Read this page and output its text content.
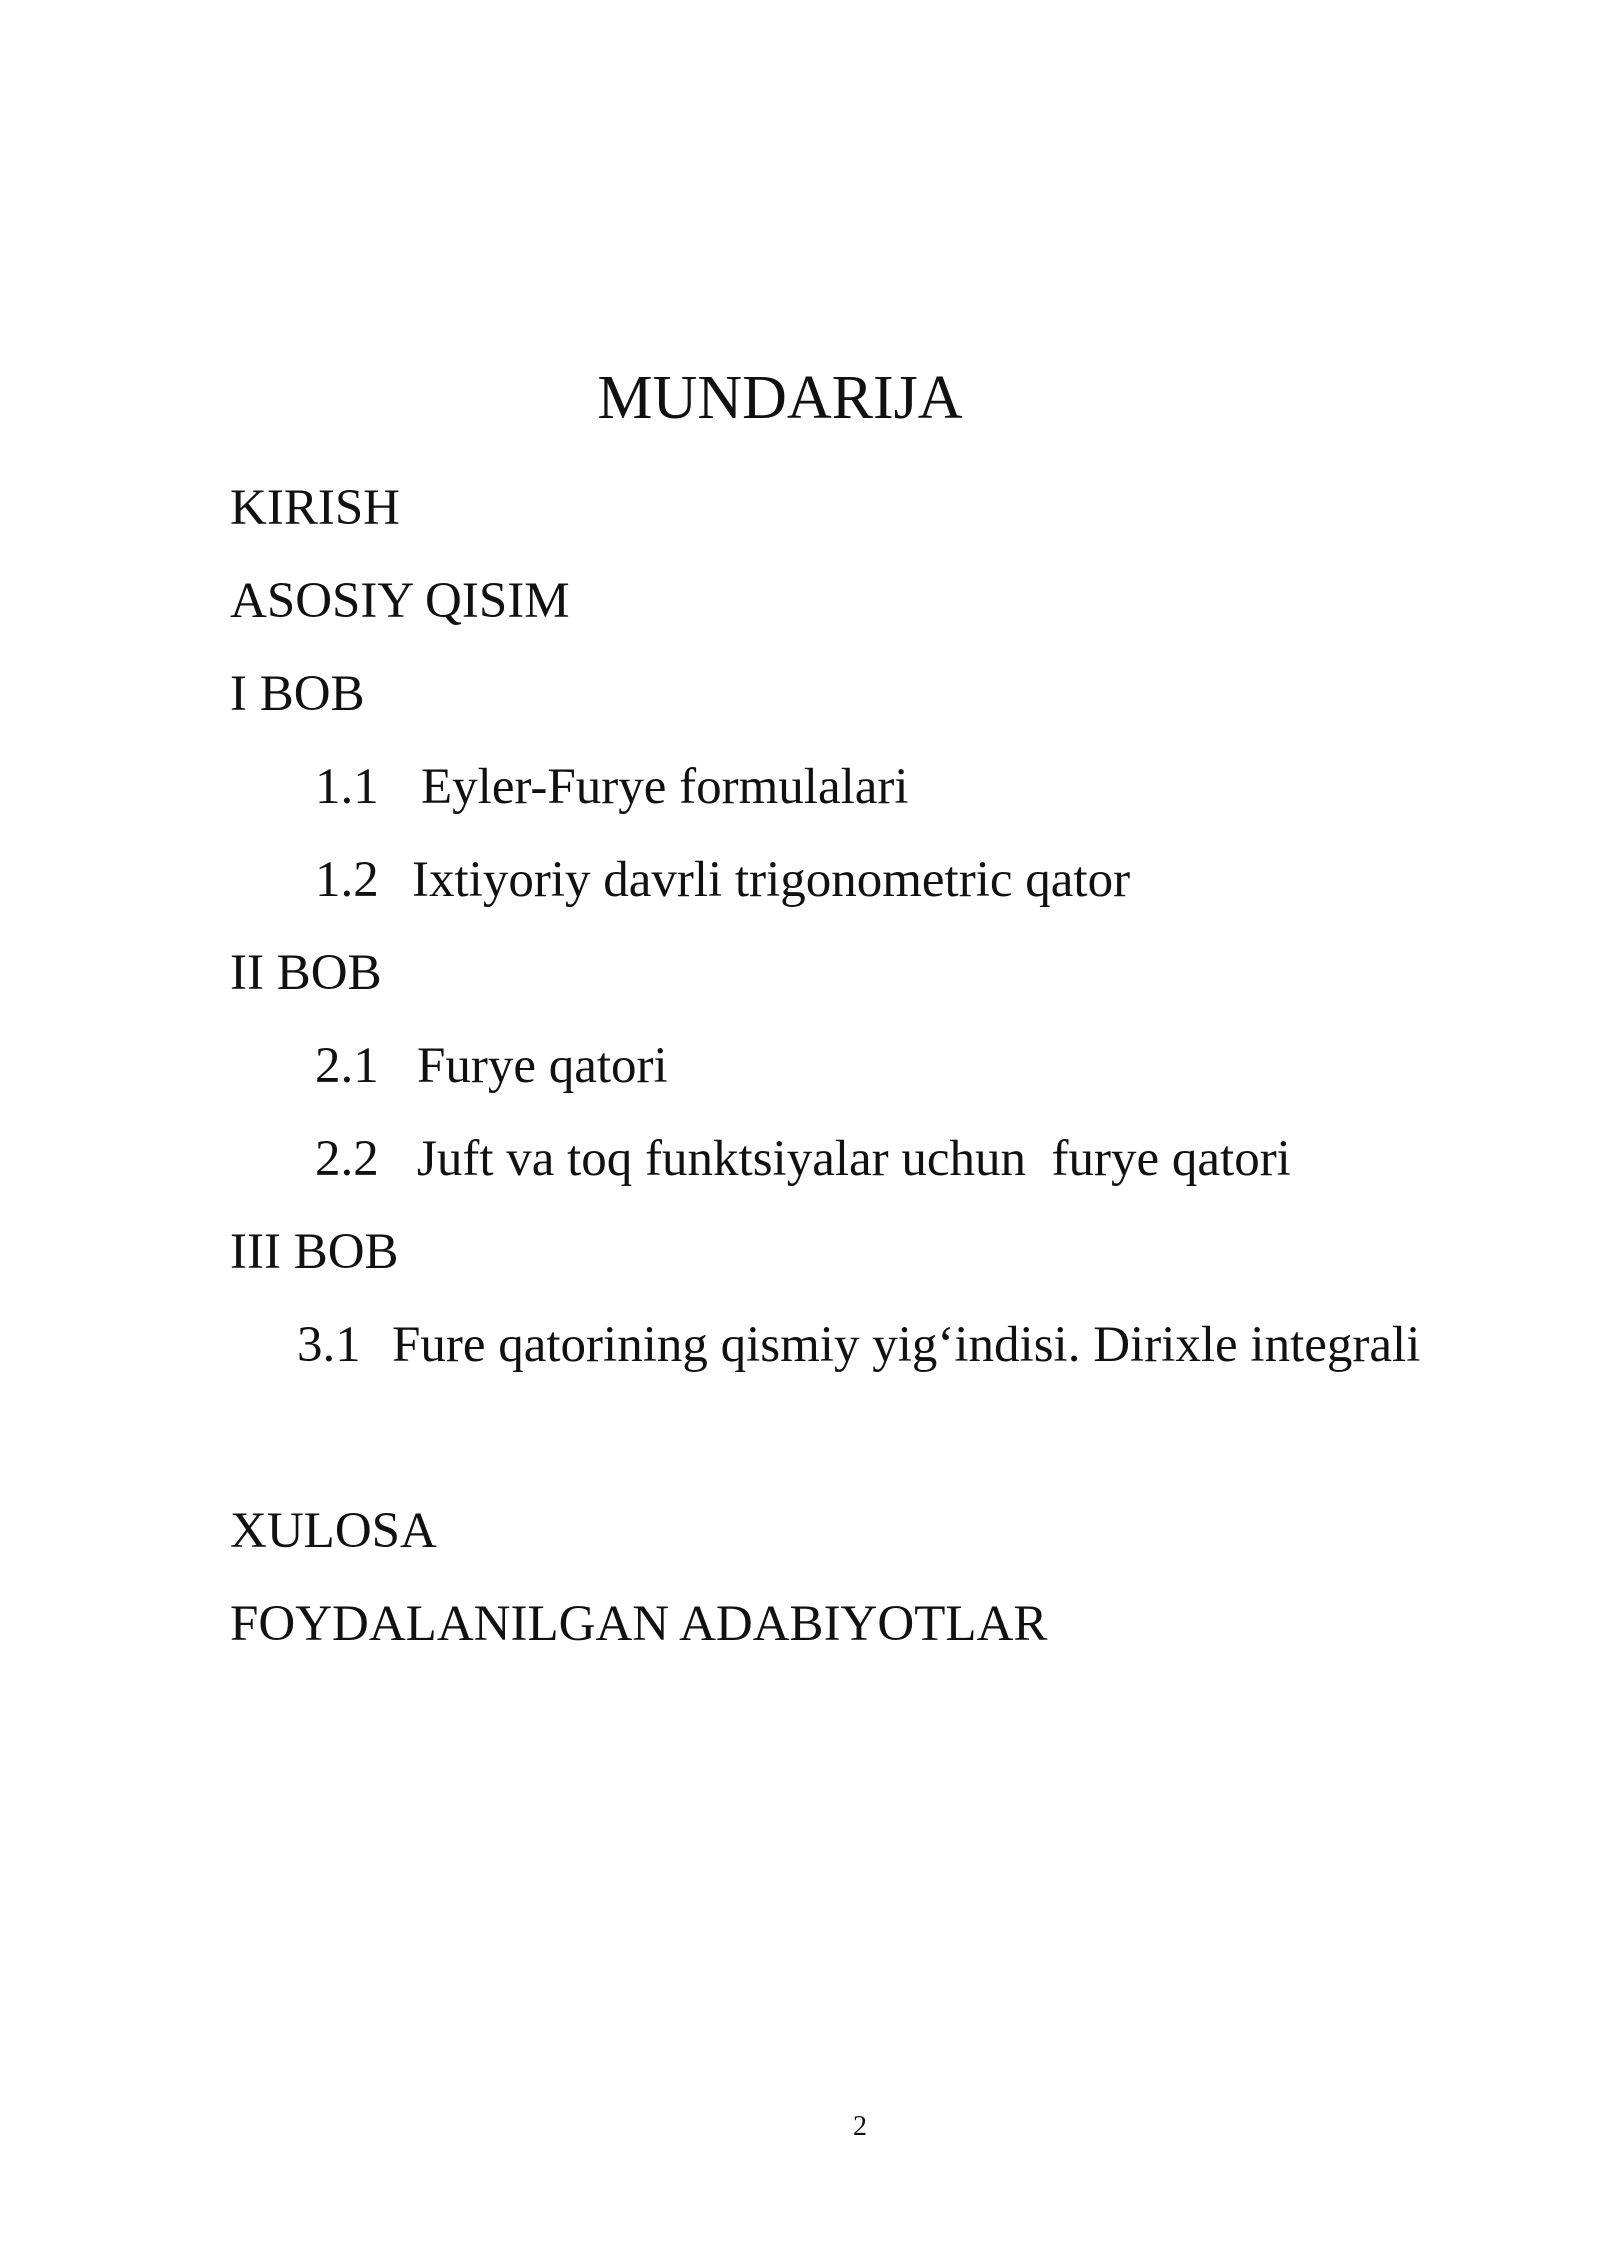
MUNDARIJA
KIRISH
ASOSIY QISIM
I BOB
1.1 Eyler-Furye formulalari
1.2 Ixtiyoriy davrli trigonometric qator
II BOB
2.1 Furye qatori
2.2 Juft va toq funktsiyalar uchun  furye qatori
III BOB
3.1 Fure qatorining qismiy yig‘indisi. Dirixle integrali
XULOSA
FOYDALANILGAN ADABIYOTLAR
2
